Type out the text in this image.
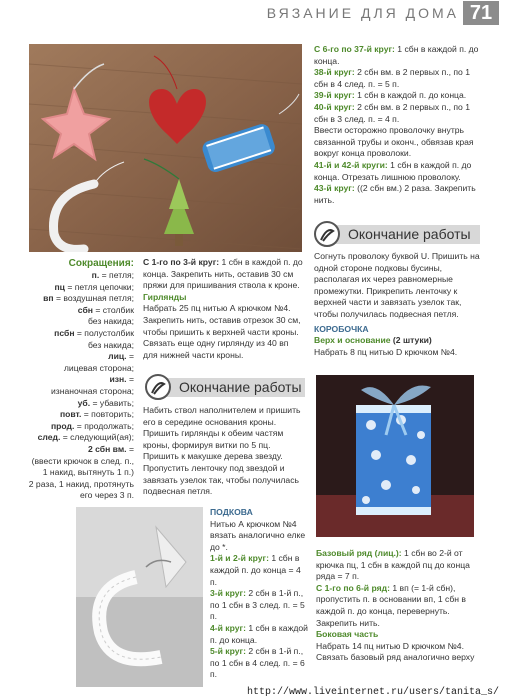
ВЯЗАНИЕ ДЛЯ ДОМА 71

Сокращения:

п. = петля;

пц = петля цепочки;

вп = воздушная петля;

сбн = столбик

без накида;

псбн = полустолбик

без накида;

лиц. =

лицевая сторона;

изн. =

изнаночная сторона;

уб. = убавить;

повт. = повторить;

прод. = продолжать;

след. = следующий(ая);

2 сбн вм. =

(ввести крючок в след. п.,

1 накид, вытянуть 1 п.)

2 раза, 1 накид, протянуть

его через 3 п.

С 1-го по 3-й круг: 1 сбн в каждой п. до конца. Закрепить нить, оставив 30 см пряжи для пришивания ствола к кроне.

Гирлянды

Набрать 25 пц нитью А крючком №4. Закрепить нить, оставив отрезок 30 см, чтобы пришить к верхней части кроны. Связать еще одну гирлянду из 40 вп для нижней части кроны.

Окончание работы

Набить ствол наполнителем и пришить его в середине основания кроны. Пришить гирлянды к обеим частям кроны, формируя витки по 5 пц. Пришить к макушке дерева звезду. Пропустить ленточку под звездой и завязать узелок так, чтобы получилась подвесная петля.

ПОДКОВА

Нитью А крючком №4 вязать аналогично елке до *.

1-й и 2-й круг: 1 сбн в каждой п. до конца = 4 п.

3-й круг: 2 сбн в 1-й п., по 1 сбн в 3 след. п. = 5 п.

4-й круг: 1 сбн в каждой п. до конца.

5-й круг: 2 сбн в 1-й п., по 1 сбн в 4 след. п. = 6 п.

С 6-го по 37-й круг: 1 сбн в каждой п. до конца.

38-й круг: 2 сбн вм. в 2 первых п., по 1 сбн в 4 след. п. = 5 п.

39-й круг: 1 сбн в каждой п. до конца.

40-й круг: 2 сбн вм. в 2 первых п., по 1 сбн в 3 след. п. = 4 п.

Ввести осторожно проволочку внутрь связанной трубы и оконч., обвязав края вокруг конца проволоки.

41-й и 42-й круги: 1 сбн в каждой п. до конца. Отрезать лишнюю проволоку.

43-й круг: ((2 сбн вм.) 2 раза. Закрепить нить.

Окончание работы

Согнуть проволоку буквой U. Пришить на одной стороне подковы бусины, располагая их через равномерные промежутки. Прикрепить ленточку к верхней части и завязать узелок так, чтобы получилась подвесная петля.

КОРОБОЧКА

Верх и основание (2 штуки)

Набрать 8 пц нитью D крючком №4.

Базовый ряд (лиц.): 1 сбн во 2-й от крючка пц, 1 сбн в каждой пц до конца ряда = 7 п.

С 1-го по 6-й ряд: 1 вп (= 1-й сбн), пропустить п. в основании вп, 1 сбн в каждой п. до конца, перевернуть. Закрепить нить.

Боковая часть

Набрать 14 пц нитью D крючком №4. Связать базовый ряд аналогично верху

http://www.liveinternet.ru/users/tanita_s/
